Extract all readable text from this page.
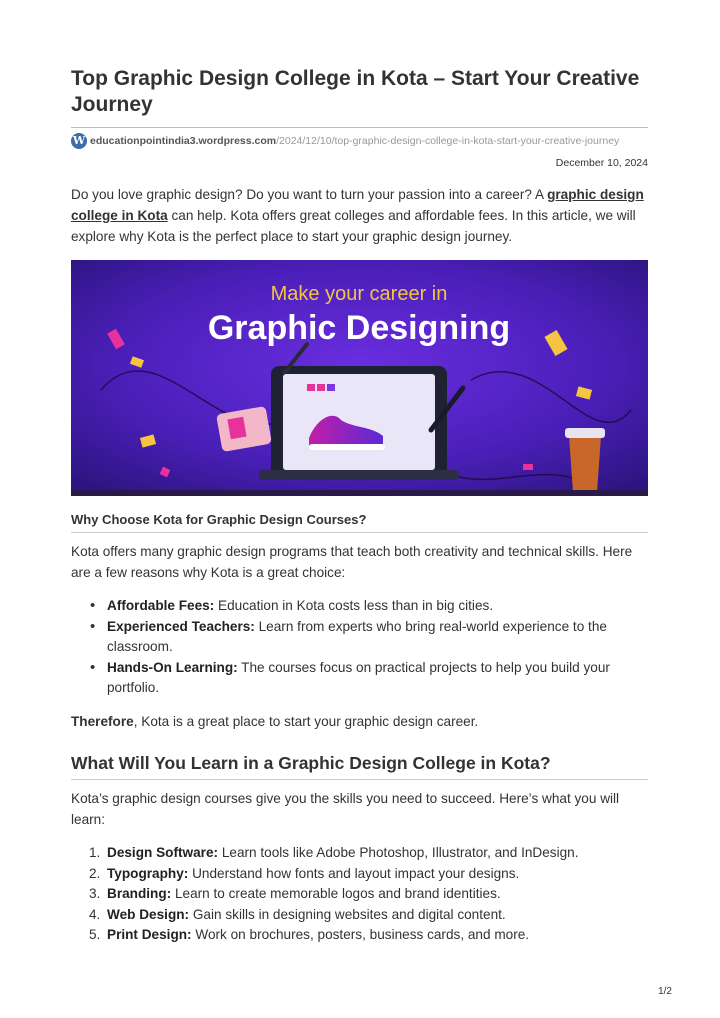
Top Graphic Design College in Kota – Start Your Creative Journey
W educationpointindia3.wordpress.com /2024/12/10/top-graphic-design-college-in-kota-start-your-creative-journey
December 10, 2024

Do you love graphic design? Do you want to turn your passion into a career? A graphic design college in Kota can help. Kota offers great colleges and affordable fees. In this article, we will explore why Kota is the perfect place to start your graphic design journey.

Make your career in
Graphic Designing
Why Choose Kota for Graphic Design Courses?

Kota offers many graphic design programs that teach both creativity and technical skills. Here are a few reasons why Kota is a great choice:

• Affordable Fees: Education in Kota costs less than in big cities.
• Experienced Teachers: Learn from experts who bring real-world experience to the classroom.
• Hands-On Learning: The courses focus on practical projects to help you build your portfolio.

Therefore, Kota is a great place to start your graphic design career.

What Will You Learn in a Graphic Design College in Kota?

Kota’s graphic design courses give you the skills you need to succeed. Here’s what you will learn:

1. Design Software: Learn tools like Adobe Photoshop, Illustrator, and InDesign.
2. Typography: Understand how fonts and layout impact your designs.
3. Branding: Learn to create memorable logos and brand identities.
4. Web Design: Gain skills in designing websites and digital content.
5. Print Design: Work on brochures, posters, business cards, and more.
1/2
